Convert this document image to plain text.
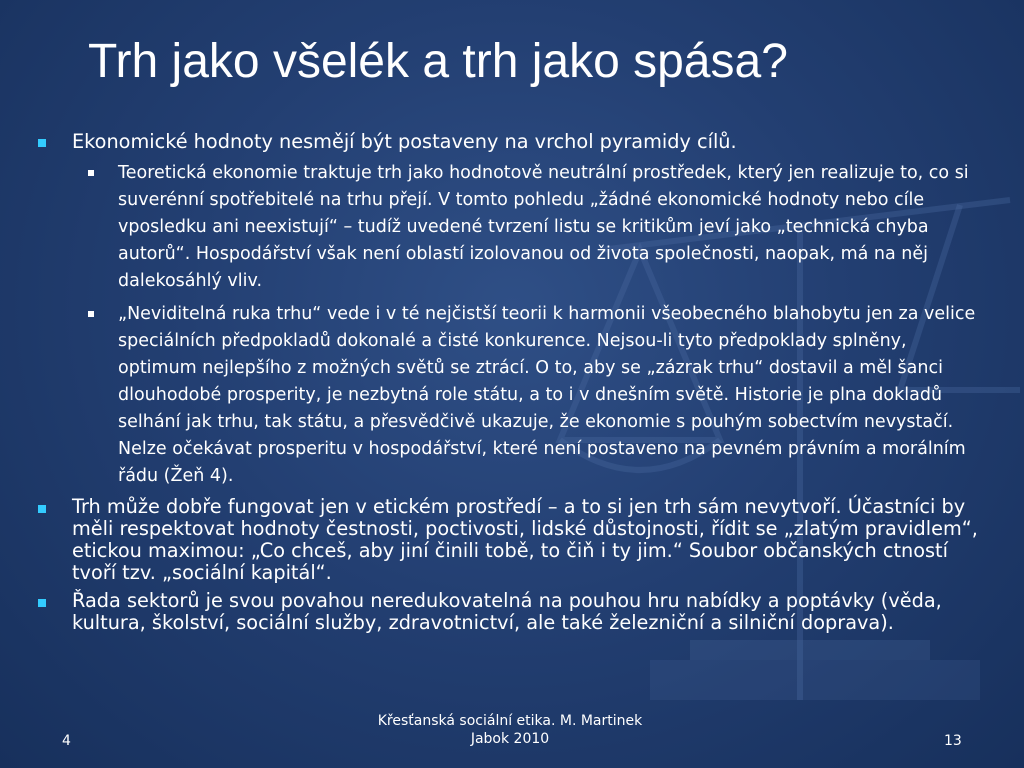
Trh jako všelék a trh jako spása?
Ekonomické hodnoty nesmějí být postaveny na vrchol pyramidy cílů.
Teoretická ekonomie traktuje trh jako hodnotově neutrální prostředek, který jen realizuje to, co si suverénní spotřebitelé na trhu přejí. V tomto pohledu „žádné ekonomické hodnoty nebo cíle vposledku ani neexistují“ – tudíž uvedené tvrzení listu se kritikům jeví jako „technická chyba autorů“. Hospodářství však není oblastí izolovanou od života společnosti, naopak, má na něj dalekosáhlý vliv.
„Neviditelná ruka trhu“ vede i v té nejčistší teorii k harmonii všeobecného blahobytu jen za velice speciálních předpokladů dokonalé a čisté konkurence. Nejsou-li tyto předpoklady splněny, optimum nejlepšího z možných světů se ztrácí. O to, aby se „zázrak trhu“ dostavil a měl šanci dlouhodobé prosperity, je nezbytná role státu, a to i v dnešním světě. Historie je plna dokladů selhání jak trhu, tak státu, a přesvědčivě ukazuje, že ekonomie s pouhým sobectvím nevystačí. Nelze očekávat prosperitu v hospodářství, které není postaveno na pevném právním a morálním řádu (Žeň 4).
Trh může dobře fungovat jen v etickém prostředí – a to si jen trh sám nevytvoří. Účastníci by měli respektovat hodnoty čestnosti, poctivosti, lidské důstojnosti, řídit se „zlatým pravidlem“, etickou maximou: „Co chceš, aby jiní činili tobě, to čiň i ty jim.“ Soubor občanských ctností tvoří tzv. „sociální kapitál“.
Řada sektorů je svou povahou neredukovatelná na pouhou hru nabídky a poptávky (věda, kultura, školství, sociální služby, zdravotnictví, ale také železniční a silniční doprava).
4
Křesťanská sociální etika. M. Martinek
Jabok 2010	13
